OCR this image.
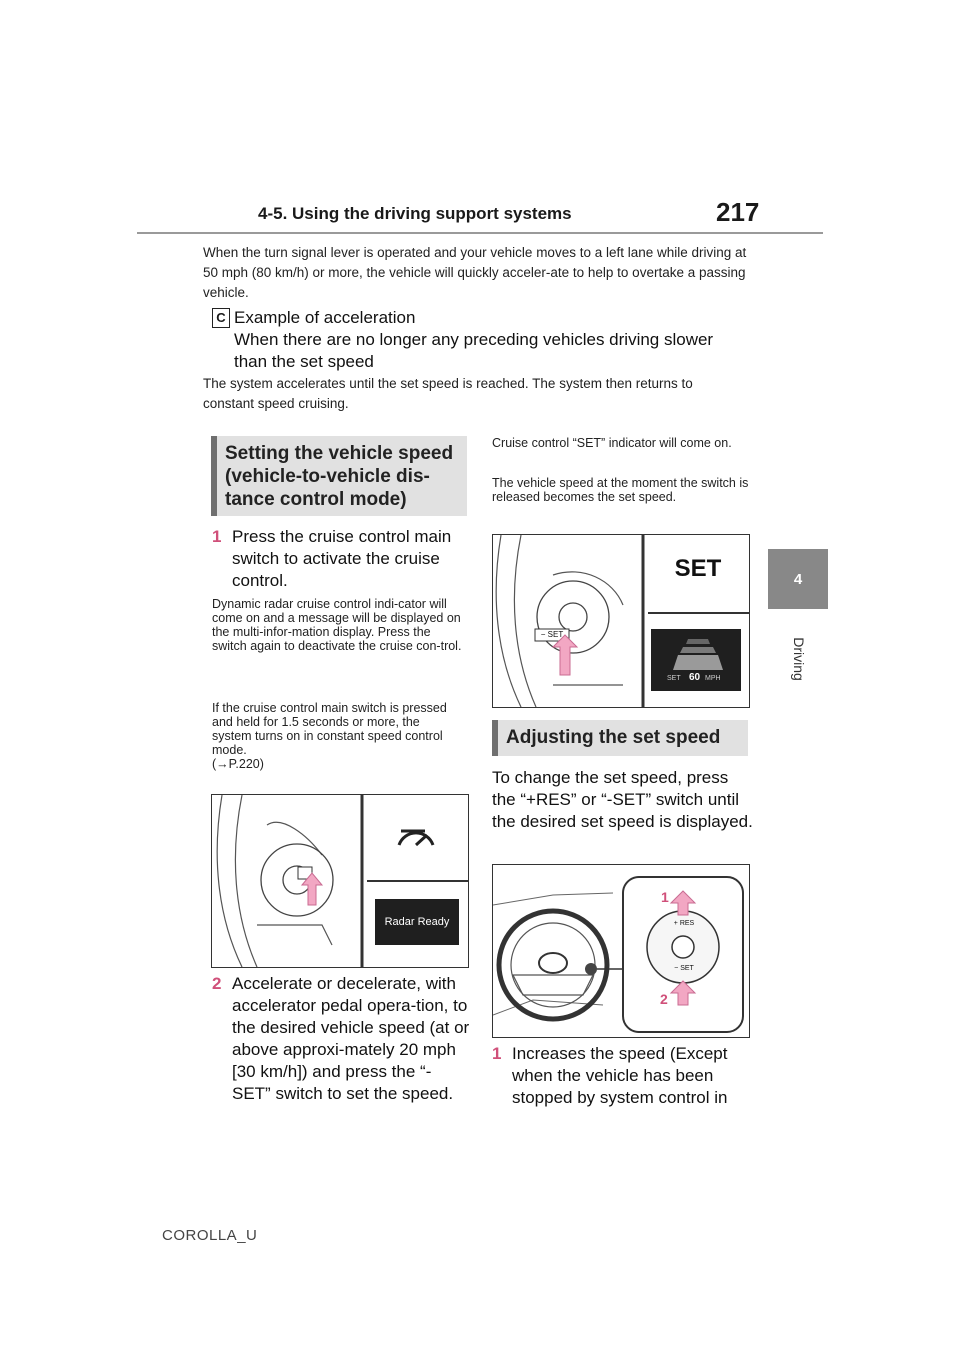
4-5. Using the driving support systems	217
4
Driving
When the turn signal lever is operated and your vehicle moves to a left lane while driving at 50 mph (80 km/h) or more, the vehicle will quickly acceler-ate to help to overtake a passing vehicle.
C Example of acceleration
When there are no longer any preceding vehicles driving slower
than the set speed
The system accelerates until the set speed is reached. The system then returns to constant speed cruising.
Setting the vehicle speed
(vehicle-to-vehicle dis-
tance control mode)
1 Press the cruise control main switch to activate the cruise control.
Dynamic radar cruise control indi-cator will come on and a message will be displayed on the multi-infor-mation display. Press the switch again to deactivate the cruise con-trol.
If the cruise control main switch is pressed and held for 1.5 seconds or more, the system turns on in constant speed control mode.
(→P.220)
Radar Ready
2 Accelerate or decelerate, with accelerator pedal opera-tion, to the desired vehicle speed (at or above approxi-mately 20 mph [30 km/h]) and press the “-SET” switch to set the speed.
Cruise control “SET” indicator will come on.
The vehicle speed at the moment the switch is released becomes the set speed.
SET
− SET
SET 60 MPH
Adjusting the set speed
To change the set speed, press the “+RES” or “-SET” switch until the desired set speed is displayed.
1
2
+ RES
− SET
1 Increases the speed (Except when the vehicle has been stopped by system control in
COROLLA_U
